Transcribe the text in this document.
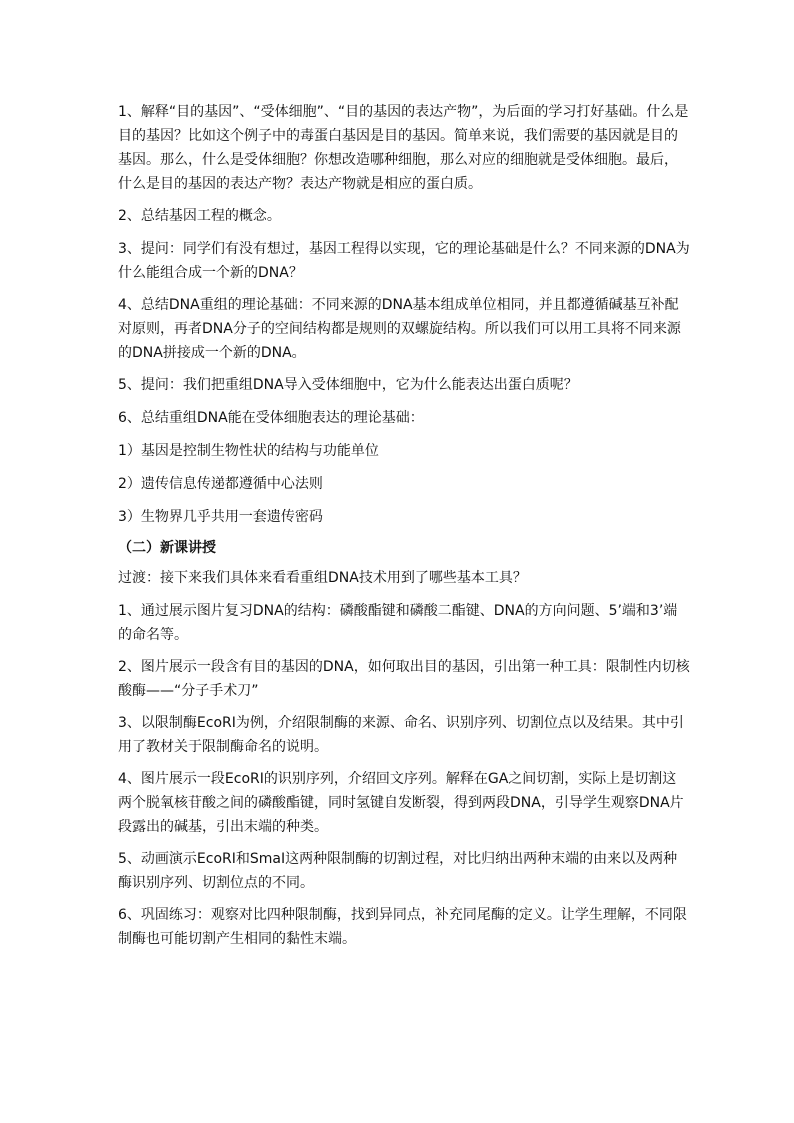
1、解释“目的基因”、“受体细胞”、“目的基因的表达产物”，为后面的学习打好基础。什么是目的基因？比如这个例子中的毒蛋白基因是目的基因。简单来说，我们需要的基因就是目的基因。那么，什么是受体细胞？你想改造哪种细胞，那么对应的细胞就是受体细胞。最后，什么是目的基因的表达产物？表达产物就是相应的蛋白质。

2、总结基因工程的概念。

3、提问：同学们有没有想过，基因工程得以实现，它的理论基础是什么？不同来源的DNA为什么能组合成一个新的DNA？

4、总结DNA重组的理论基础：不同来源的DNA基本组成单位相同，并且都遵循碱基互补配对原则，再者DNA分子的空间结构都是规则的双螺旋结构。所以我们可以用工具将不同来源的DNA拼接成一个新的DNA。

5、提问：我们把重组DNA导入受体细胞中，它为什么能表达出蛋白质呢？

6、总结重组DNA能在受体细胞表达的理论基础：

1）基因是控制生物性状的结构与功能单位

2）遗传信息传递都遵循中心法则

3）生物界几乎共用一套遗传密码

（二）新课讲授

过渡：接下来我们具体来看看重组DNA技术用到了哪些基本工具？

1、通过展示图片复习DNA的结构：磷酸酯键和磷酸二酯键、DNA的方向问题、5’端和3’端的命名等。

2、图片展示一段含有目的基因的DNA，如何取出目的基因，引出第一种工具：限制性内切核酸酶——“分子手术刀”

3、以限制酶EcoRI为例，介绍限制酶的来源、命名、识别序列、切割位点以及结果。其中引用了教材关于限制酶命名的说明。

4、图片展示一段EcoRI的识别序列，介绍回文序列。解释在GA之间切割，实际上是切割这两个脱氧核苷酸之间的磷酸酯键，同时氢键自发断裂，得到两段DNA，引导学生观察DNA片段露出的碱基，引出末端的种类。

5、动画演示EcoRI和SmaI这两种限制酶的切割过程，对比归纳出两种末端的由来以及两种酶识别序列、切割位点的不同。

6、巩固练习：观察对比四种限制酶，找到异同点，补充同尾酶的定义。让学生理解，不同限制酶也可能切割产生相同的黏性末端。
